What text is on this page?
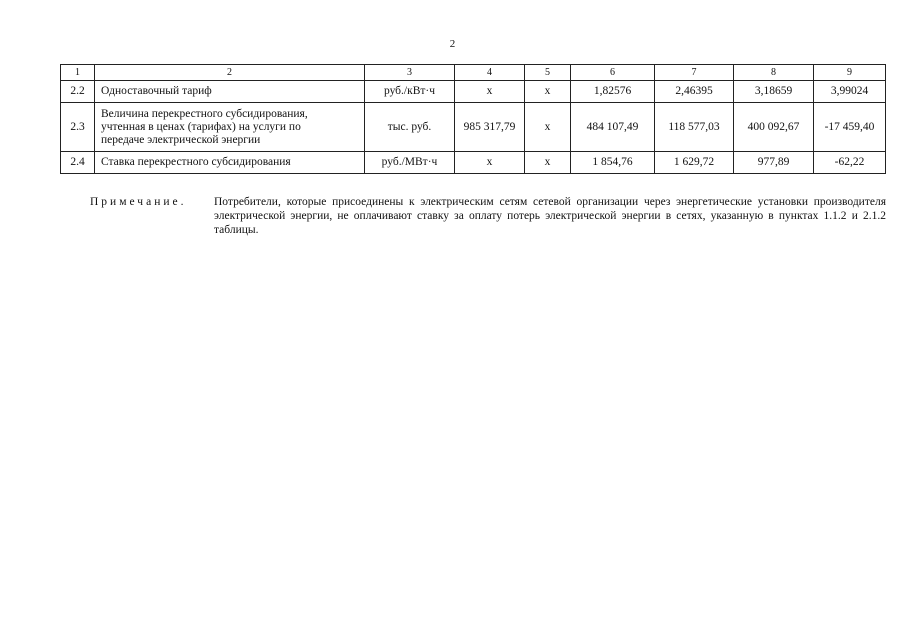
2
1	2	3	4	5	6	7	8	9
2.2	Одноставочный тариф	руб./кВт·ч	x	x	1,82576	2,46395	3,18659	3,99024
2.3	Величина перекрестного субсидирования,
учтенная в ценах (тарифах) на услуги по
передаче электрической энергии	тыс. руб.	985 317,79	x	484 107,49	118 577,03	400 092,67	-17 459,40
2.4	Ставка перекрестного субсидирования	руб./МВт·ч	x	x	1 854,76	1 629,72	977,89	-62,22
Примечание. Потребители, которые присоединены к электрическим сетям сетевой организации через энергетические установки производителя электрической энергии, не оплачивают ставку за оплату потерь электрической энергии в сетях, указанную в пунктах 1.1.2 и 2.1.2 таблицы.
